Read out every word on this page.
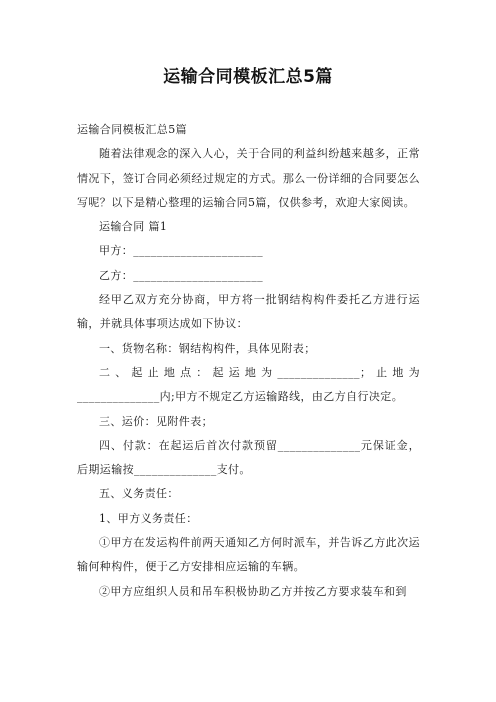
运输合同模板汇总5篇

运输合同模板汇总5篇

随着法律观念的深入人心，关于合同的利益纠纷越来越多，正常情况下，签订合同必须经过规定的方式。那么一份详细的合同要怎么写呢？以下是精心整理的运输合同5篇，仅供参考，欢迎大家阅读。

运输合同 篇1

甲方：______________________

乙方：______________________

经甲乙双方充分协商，甲方将一批钢结构构件委托乙方进行运输，并就具体事项达成如下协议：

一、货物名称：钢结构构件，具体见附表；

二、起止地点：起运地为______________；止地为______________内;甲方不规定乙方运输路线，由乙方自行决定。

三、运价：见附件表；

四、付款：在起运后首次付款预留______________元保证金，后期运输按______________支付。

五、义务责任：

1、甲方义务责任：

①甲方在发运构件前两天通知乙方何时派车，并告诉乙方此次运输何种构件，便于乙方安排相应运输的车辆。

②甲方应组织人员和吊车积极协助乙方并按乙方要求装车和到
